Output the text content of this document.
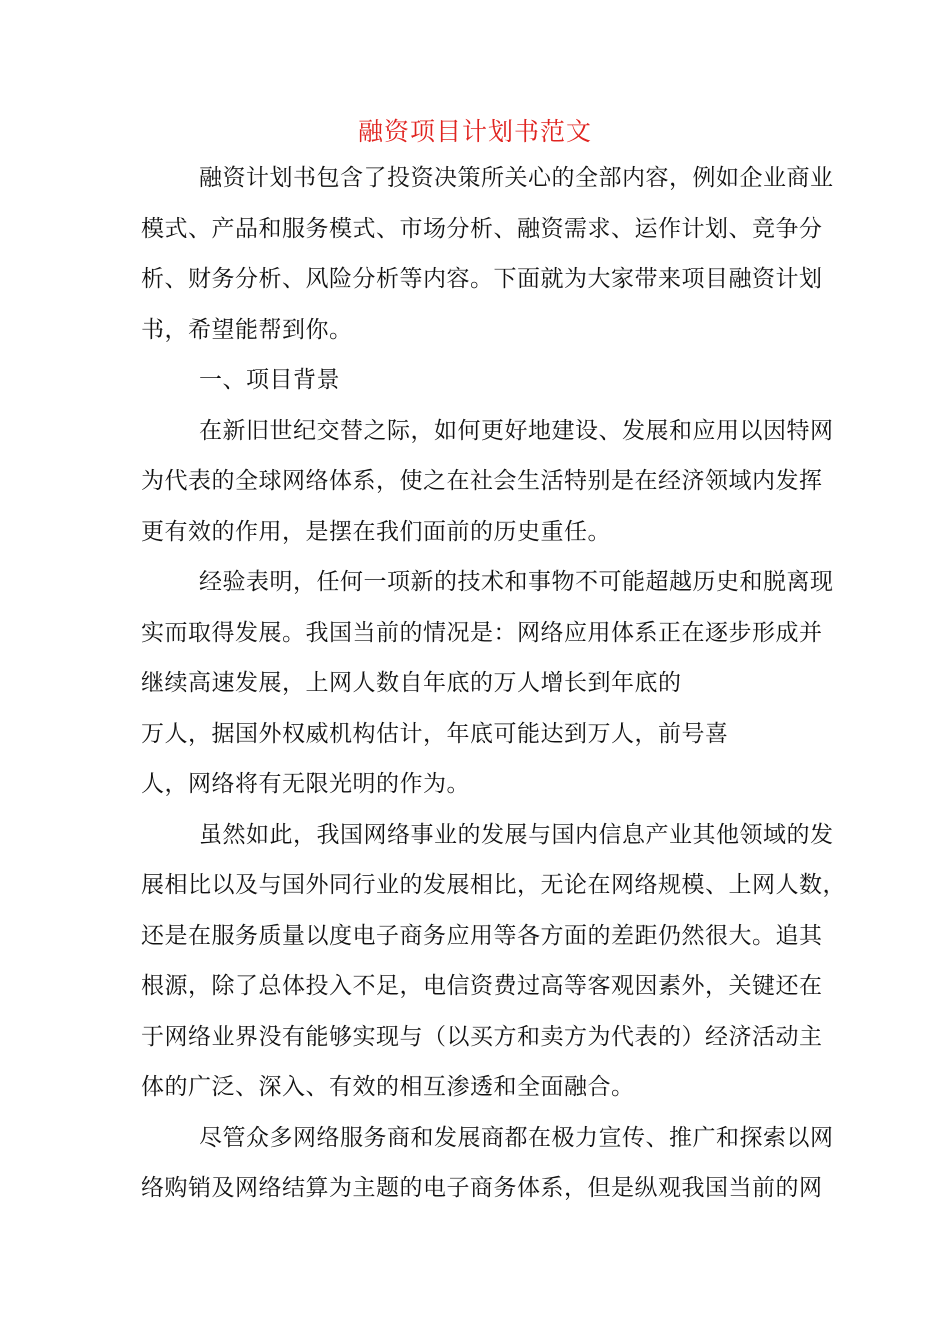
融资项目计划书范文
融资计划书包含了投资决策所关心的全部内容，例如企业商业
模式、产品和服务模式、市场分析、融资需求、运作计划、竞争分
析、财务分析、风险分析等内容。下面就为大家带来项目融资计划
书，希望能帮到你。
一、项目背景
在新旧世纪交替之际，如何更好地建设、发展和应用以因特网
为代表的全球网络体系，使之在社会生活特别是在经济领域内发挥
更有效的作用，是摆在我们面前的历史重任。
经验表明，任何一项新的技术和事物不可能超越历史和脱离现
实而取得发展。我国当前的情况是：网络应用体系正在逐步形成并
继续高速发展，上网人数自年底的万人增长到年底的
万人，据国外权威机构估计，年底可能达到万人，前号喜
人，网络将有无限光明的作为。
虽然如此，我国网络事业的发展与国内信息产业其他领域的发
展相比以及与国外同行业的发展相比，无论在网络规模、上网人数，
还是在服务质量以度电子商务应用等各方面的差距仍然很大。追其
根源，除了总体投入不足，电信资费过高等客观因素外，关键还在
于网络业界没有能够实现与（以买方和卖方为代表的）经济活动主
体的广泛、深入、有效的相互渗透和全面融合。
尽管众多网络服务商和发展商都在极力宣传、推广和探索以网
络购销及网络结算为主题的电子商务体系，但是纵观我国当前的网
